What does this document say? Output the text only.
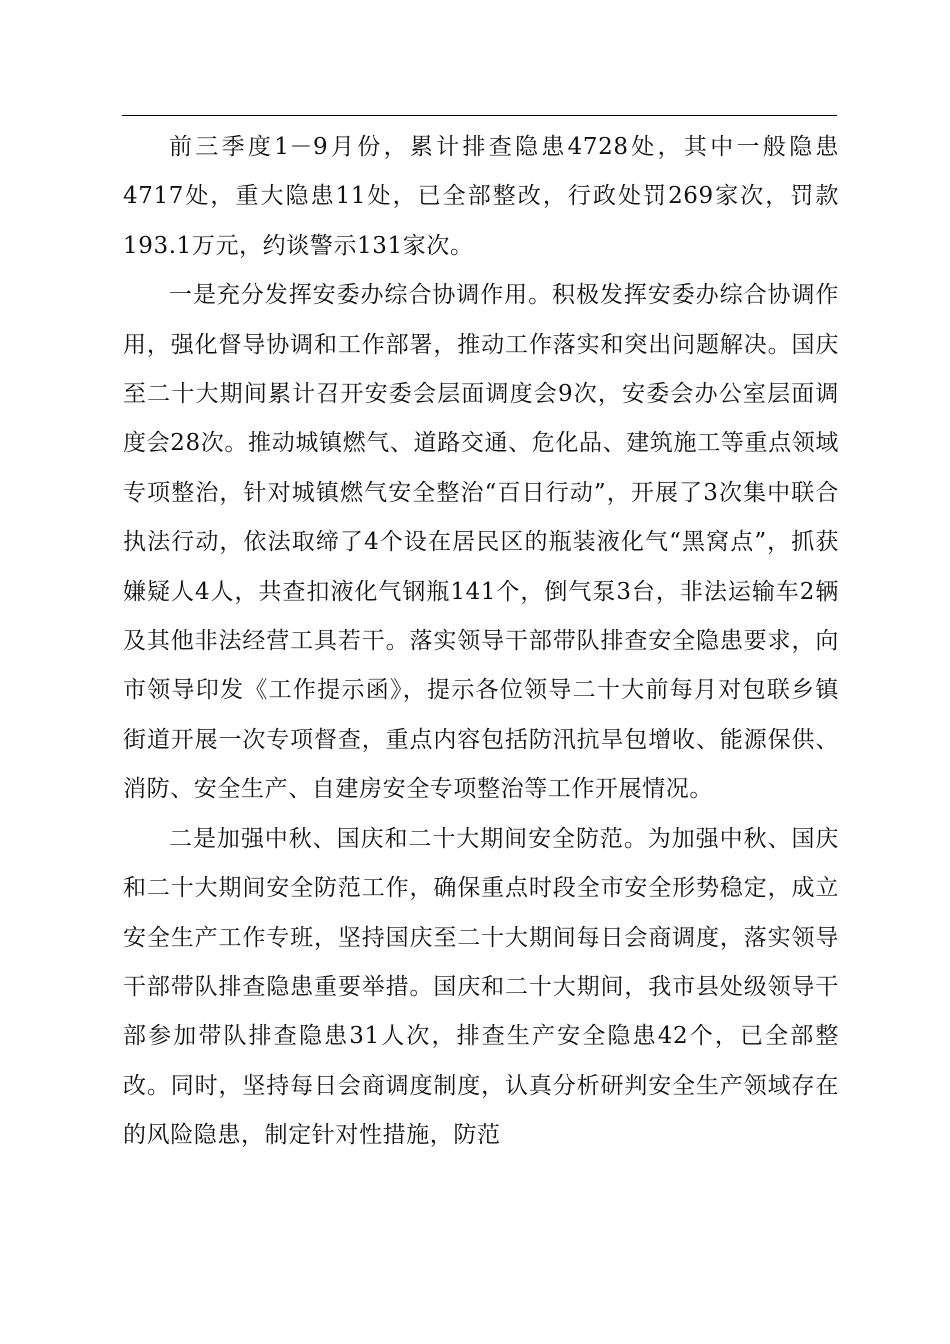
前三季度1－9月份，累计排查隐患4728处，其中一般隐患4717处，重大隐患11处，已全部整改，行政处罚269家次，罚款193.1万元，约谈警示131家次。

一是充分发挥安委办综合协调作用。积极发挥安委办综合协调作用，强化督导协调和工作部署，推动工作落实和突出问题解决。国庆至二十大期间累计召开安委会层面调度会9次，安委会办公室层面调度会28次。推动城镇燃气、道路交通、危化品、建筑施工等重点领域专项整治，针对城镇燃气安全整治“百日行动”，开展了3次集中联合执法行动，依法取缔了4个设在居民区的瓶装液化气“黑窝点”，抓获嫌疑人4人，共查扣液化气钢瓶141个，倒气泵3台，非法运输车2辆及其他非法经营工具若干。落实领导干部带队排查安全隐患要求，向市领导印发《工作提示函》，提示各位领导二十大前每月对包联乡镇街道开展一次专项督查，重点内容包括防汛抗旱包增收、能源保供、消防、安全生产、自建房安全专项整治等工作开展情况。

二是加强中秋、国庆和二十大期间安全防范。为加强中秋、国庆和二十大期间安全防范工作，确保重点时段全市安全形势稳定，成立安全生产工作专班，坚持国庆至二十大期间每日会商调度，落实领导干部带队排查隐患重要举措。国庆和二十大期间，我市县处级领导干部参加带队排查隐患31人次，排查生产安全隐患42个，已全部整改。同时，坚持每日会商调度制度，认真分析研判安全生产领域存在的风险隐患，制定针对性措施，防范
